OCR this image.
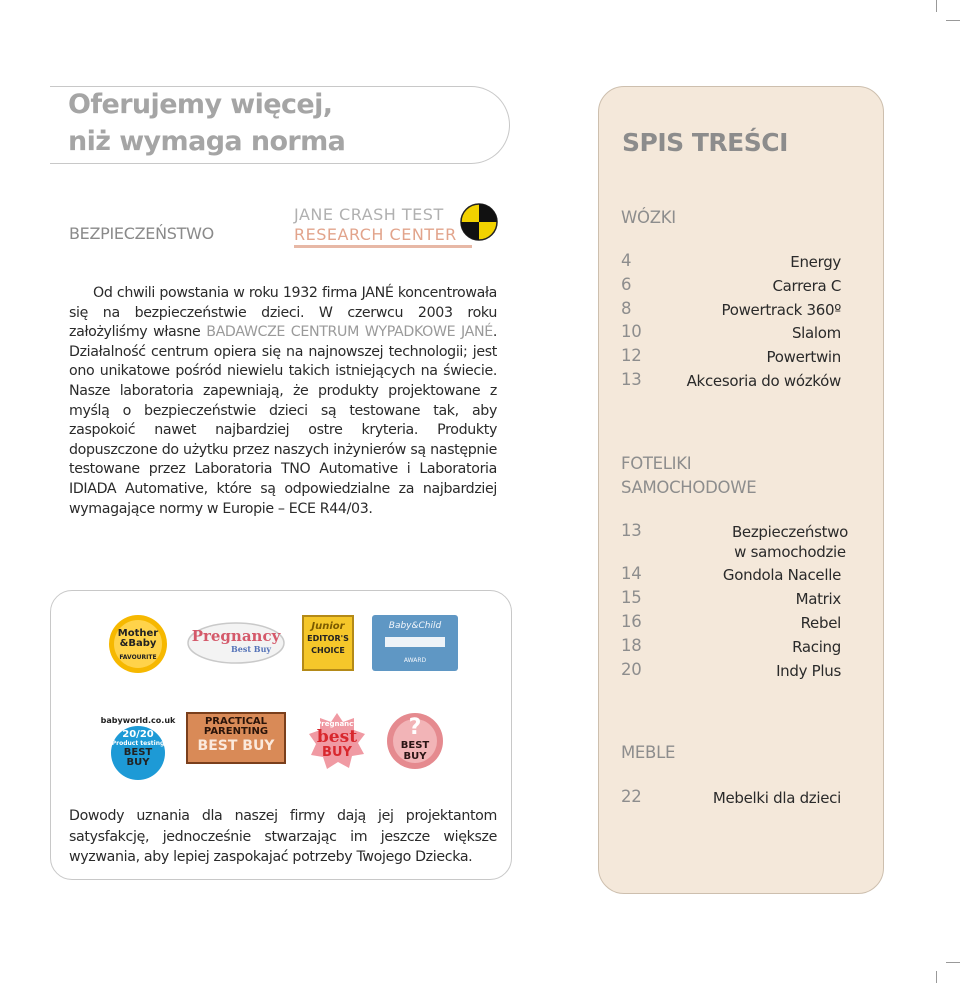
Oferujemy więcej,
niż wymaga norma
BEZPIECZEŃSTWO
JANE CRASH TEST
RESEARCH CENTER

Od chwili powstania w roku 1932 firma JANÉ koncentrowała się na bezpieczeństwie dzieci. W czerwcu 2003 roku założyliśmy własne BADAWCZE CENTRUM WYPADKOWE JANÉ. Działalność centrum opiera się na najnowszej technologii; jest ono unikatowe pośród niewielu takich istniejących na świecie. Nasze laboratoria zapewniają, że produkty projektowane z myślą o bezpieczeństwie dzieci są testowane tak, aby zaspokoić nawet najbardziej ostre kryteria. Produkty dopuszczone do użytku przez naszych inżynierów są następnie testowane przez Laboratoria TNO Automative i Laboratoria IDIADA Automative, które są odpowiedzialne za najbardziej wymagające normy w Europie – ECE R44/03.

Mother
&Baby
FAVOURITE
Pregnancy
Best Buy
Junior
EDITOR'S
CHOICE
Baby&Child
AWARD
babyworld.co.uk
20/20
Product testing
BEST
BUY
PRACTICAL
PARENTING
BEST BUY
Pregnancy
best
BUY
?
BEST
BUY
Dowody uznania dla naszej firmy dają jej projektantom satysfakcję, jednocześnie stwarzając im jeszcze większe wyzwania, aby lepiej zaspokajać potrzeby Twojego Dziecka.
SPIS TREŚCI
WÓZKI
4	Energy
6	Carrera C
8	Powertrack 360º
10	Slalom
12	Powertwin
13	Akcesoria do wózków
FOTELIKI
SAMOCHODOWE
13	Bezpieczeństwo
w samochodzie
14	Gondola Nacelle
15	Matrix
16	Rebel
18	Racing
20	Indy Plus
MEBLE
22	Mebelki dla dzieci
